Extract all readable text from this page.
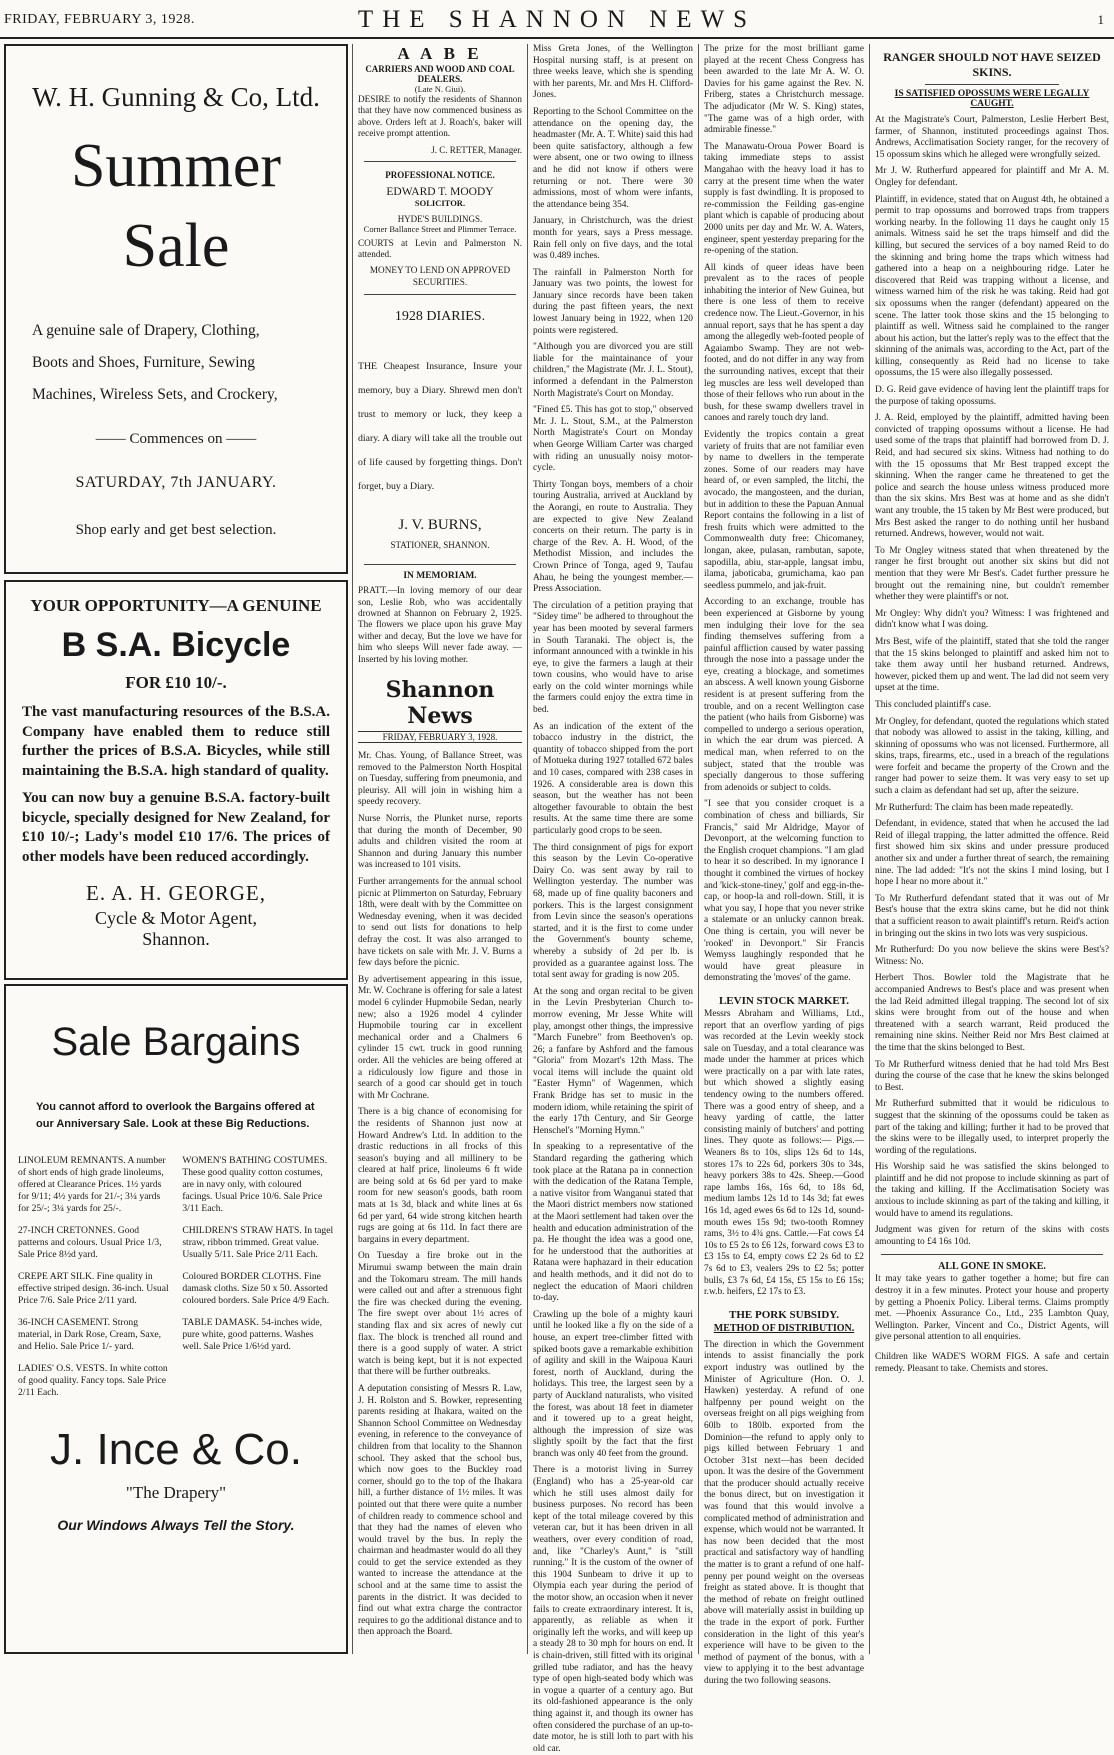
FRIDAY, FEBRUARY 3, 1928.	THE SHANNON NEWS	1
W. H. Gunning & Co, Ltd.
Summer
Sale
A genuine sale of Drapery, Clothing,
Boots and Shoes, Furniture, Sewing
Machines, Wireless Sets, and Crockery,
—— Commences on ——
SATURDAY, 7th JANUARY.
Shop early and get best selection.
YOUR OPPORTUNITY—A GENUINE
B S.A. Bicycle
FOR £10 10/-.
The vast manufacturing resources of the B.S.A. Company have enabled them to reduce still further the prices of B.S.A. Bicycles, while still maintaining the B.S.A. high standard of quality.
You can now buy a genuine B.S.A. factory-built bicycle, specially designed for New Zealand, for £10 10/-; Lady's model £10 17/6. The prices of other models have been reduced accordingly.
E. A. H. GEORGE,
Cycle & Motor Agent,
Shannon.
Sale Bargains
You cannot afford to overlook the Bargains offered at our Anniversary Sale. Look at these Big Reductions.

LINOLEUM REMNANTS. A number of short ends of high grade linoleums, offered at Clearance Prices. 1½ yards for 9/11; 4½ yards for 21/-; 3¼ yards for 25/-; 3¼ yards for 25/-.

27-INCH CRETONNES. Good patterns and colours. Usual Price 1/3, Sale Price 8½d yard.

CREPE ART SILK. Fine quality in effective striped design. 36-inch. Usual Price 7/6. Sale Price 2/11 yard.

36-INCH CASEMENT. Strong material, in Dark Rose, Cream, Saxe, and Helio. Sale Price 1/- yard.

LADIES' O.S. VESTS. In white cotton of good quality. Fancy tops. Sale Price 2/11 Each.

WOMEN'S BATHING COSTUMES. These good quality cotton costumes, are in navy only, with coloured facings. Usual Price 10/6. Sale Price 3/11 Each.

CHILDREN'S STRAW HATS. In tagel straw, ribbon trimmed. Great value. Usually 5/11. Sale Price 2/11 Each.

Coloured BORDER CLOTHS. Fine damask cloths. Size 50 x 50. Assorted coloured borders. Sale Price 4/9 Each.

TABLE DAMASK. 54-inches wide, pure white, good patterns. Washes well. Sale Price 1/6½d yard.

J. Ince & Co.
"The Drapery"
Our Windows Always Tell the Story.
A A B E
CARRIERS AND WOOD AND COAL DEALERS.
(Late N. Giui).

DESIRE to notify the residents of Shannon that they have now commenced business as above. Orders left at J. Roach's, baker will receive prompt attention.

J. C. RETTER, Manager.
PROFESSIONAL NOTICE.
EDWARD T. MOODY
SOLICITOR.
HYDE'S BUILDINGS.
Corner Ballance Street and Plimmer Terrace.

COURTS at Levin and Palmerston N. attended.

MONEY TO LEND ON APPROVED SECURITIES.

1928 DIARIES.

THE Cheapest Insurance, Insure your memory, buy a Diary. Shrewd men don't trust to memory or luck, they keep a diary. A diary will take all the trouble out of life caused by forgetting things. Don't forget, buy a Diary.

J. V. BURNS,
STATIONER, SHANNON.
IN MEMORIAM.

PRATT.—In loving memory of our dear son, Leslie Rob, who was accidentally drowned at Shannon on February 2, 1925. The flowers we place upon his grave May wither and decay, But the love we have for him who sleeps Will never fade away. —Inserted by his loving mother.

Shannon News
FRIDAY, FEBRUARY 3, 1928.

Mr. Chas. Young, of Ballance Street, was removed to the Palmerston North Hospital on Tuesday, suffering from pneumonia, and pleurisy. All will join in wishing him a speedy recovery.

Nurse Norris, the Plunket nurse, reports that during the month of December, 90 adults and children visited the room at Shannon and during January this number was increased to 101 visits.

Further arrangements for the annual school picnic at Plimmerton on Saturday, February 18th, were dealt with by the Committee on Wednesday evening, when it was decided to send out lists for donations to help defray the cost. It was also arranged to have tickets on sale with Mr. J. V. Burns a few days before the picnic.

By advertisement appearing in this issue, Mr. W. Cochrane is offering for sale a latest model 6 cylinder Hupmobile Sedan, nearly new; also a 1926 model 4 cylinder Hupmobile touring car in excellent mechanical order and a Chalmers 6 cylinder 15 cwt. truck in good running order. All the vehicles are being offered at a ridiculously low figure and those in search of a good car should get in touch with Mr Cochrane.

There is a big chance of economising for the residents of Shannon just now at Howard Andrew's Ltd. In addition to the drastic reductions in all frocks of this season's buying and all millinery to be cleared at half price, linoleums 6 ft wide are being sold at 6s 6d per yard to make room for new season's goods, bath room mats at 1s 3d, black and white lines at 6s 6d per yard, 64 wide strong kitchen hearth rugs are going at 6s 11d. In fact there are bargains in every department.

On Tuesday a fire broke out in the Mirumui swamp between the main drain and the Tokomaru stream. The mill hands were called out and after a strenuous fight the fire was checked during the evening. The fire swept over about 1½ acres of standing flax and six acres of newly cut flax. The block is trenched all round and there is a good supply of water. A strict watch is being kept, but it is not expected that there will be further outbreaks.

A deputation consisting of Messrs R. Law, J. H. Rolston and S. Bowker, representing parents residing at Ihakara, waited on the Shannon School Committee on Wednesday evening, in reference to the conveyance of children from that locality to the Shannon school. They asked that the school bus, which now goes to the Buckley road corner, should go to the top of the Ihakara hill, a further distance of 1½ miles. It was pointed out that there were quite a number of children ready to commence school and that they had the names of eleven who would travel by the bus. In reply the chairman and headmaster would do all they could to get the service extended as they wanted to increase the attendance at the school and at the same time to assist the parents in the district. It was decided to find out what extra charge the contractor requires to go the additional distance and to then approach the Board.

Miss Greta Jones, of the Wellington Hospital nursing staff, is at present on three weeks leave, which she is spending with her parents, Mr. and Mrs H. Clifford-Jones.

Reporting to the School Committee on the attendance on the opening day, the headmaster (Mr. A. T. White) said this had been quite satisfactory, although a few were absent, one or two owing to illness and he did not know if others were returning or not. There were 30 admissions, most of whom were infants, the attendance being 354.

January, in Christchurch, was the driest month for years, says a Press message. Rain fell only on five days, and the total was 0.489 inches.

The rainfall in Palmerston North for January was two points, the lowest for January since records have been taken during the past fifteen years, the next lowest January being in 1922, when 120 points were registered.

"Although you are divorced you are still liable for the maintainance of your children," the Magistrate (Mr. J. L. Stout), informed a defendant in the Palmerston North Magistrate's Court on Monday.

"Fined £5. This has got to stop," observed Mr. J. L. Stout, S.M., at the Palmerston North Magistrate's Court on Monday when George William Carter was charged with riding an unusually noisy motor-cycle.

Thirty Tongan boys, members of a choir touring Australia, arrived at Auckland by the Aorangi, en route to Australia. They are expected to give New Zealand concerts on their return. The party is in charge of the Rev. A. H. Wood, of the Methodist Mission, and includes the Crown Prince of Tonga, aged 9, Taufau Ahau, he being the youngest member.—Press Association.

The circulation of a petition praying that "Sidey time" be adhered to throughout the year has been mooted by several farmers in South Taranaki. The object is, the informant announced with a twinkle in his eye, to give the farmers a laugh at their town cousins, who would have to arise early on the cold winter mornings while the farmers could enjoy the extra time in bed.

As an indication of the extent of the tobacco industry in the district, the quantity of tobacco shipped from the port of Motueka during 1927 totalled 672 bales and 10 cases, compared with 238 cases in 1926. A considerable area is down this season, but the weather has not been altogether favourable to obtain the best results. At the same time there are some particularly good crops to be seen.

The third consignment of pigs for export this season by the Levin Co-operative Dairy Co. was sent away by rail to Wellington yesterday. The number was 68, made up of fine quality baconers and porkers. This is the largest consignment from Levin since the season's operations started, and it is the first to come under the Government's bounty scheme, whereby a subsidy of 2d per lb. is provided as a guarantee against loss. The total sent away for grading is now 205.

At the song and organ recital to be given in the Levin Presbyterian Church to-morrow evening, Mr Jesse White will play, amongst other things, the impressive "March Funebre" from Beethoven's op. 26; a fanfare by Ashford and the famous "Gloria" from Mozart's 12th Mass. The vocal items will include the quaint old "Easter Hymn" of Wagenmen, which Frank Bridge has set to music in the modern idiom, while retaining the spirit of the early 17th Century, and Sir George Henschel's "Morning Hymn."

In speaking to a representative of the Standard regarding the gathering which took place at the Ratana pa in connection with the dedication of the Ratana Temple, a native visitor from Wanganui stated that the Maori district members now stationed at the Maori settlement had taken over the health and education administration of the pa. He thought the idea was a good one, for he understood that the authorities at Ratana were haphazard in their education and health methods, and it did not do to neglect the education of Maori children to-day.

Crawling up the bole of a mighty kauri until he looked like a fly on the side of a house, an expert tree-climber fitted with spiked boots gave a remarkable exhibition of agility and skill in the Waipoua Kauri forest, north of Auckland, during the holidays. This tree, the largest seen by a party of Auckland naturalists, who visited the forest, was about 18 feet in diameter and it towered up to a great height, although the impression of size was slightly spoilt by the fact that the first branch was only 40 feet from the ground.

There is a motorist living in Surrey (England) who has a 25-year-old car which he still uses almost daily for business purposes. No record has been kept of the total mileage covered by this veteran car, but it has been driven in all weathers, over every condition of road, and, like "Charley's Aunt," is "still running." It is the custom of the owner of this 1904 Sunbeam to drive it up to Olympia each year during the period of the motor show, an occasion when it never fails to create extraordinary interest. It is, apparently, as reliable as when it originally left the works, and will keep up a steady 28 to 30 mph for hours on end. It is chain-driven, still fitted with its original grilled tube radiator, and has the heavy type of open high-seated body which was in vogue a quarter of a century ago. But its old-fashioned appearance is the only thing against it, and though its owner has often considered the purchase of an up-to-date motor, he is still loth to part with his old car.

The prize for the most brilliant game played at the recent Chess Congress has been awarded to the late Mr A. W. O. Davies for his game against the Rev. N. Friberg, states a Christchurch message. The adjudicator (Mr W. S. King) states, "The game was of a high order, with admirable finesse."

The Manawatu-Oroua Power Board is taking immediate steps to assist Mangahao with the heavy load it has to carry at the present time when the water supply is fast dwindling. It is proposed to re-commission the Feilding gas-engine plant which is capable of producing about 2000 units per day and Mr. W. A. Waters, engineer, spent yesterday preparing for the re-opening of the station.

All kinds of queer ideas have been prevalent as to the races of people inhabiting the interior of New Guinea, but there is one less of them to receive credence now. The Lieut.-Governor, in his annual report, says that he has spent a day among the allegedly web-footed people of Agaiambo Swamp. They are not web-footed, and do not differ in any way from the surrounding natives, except that their leg muscles are less well developed than those of their fellows who run about in the bush, for these swamp dwellers travel in canoes and rarely touch dry land.

Evidently the tropics contain a great variety of fruits that are not familiar even by name to dwellers in the temperate zones. Some of our readers may have heard of, or even sampled, the litchi, the avocado, the mangosteen, and the durian, but in addition to these the Papuan Annual Report contains the following in a list of fresh fruits which were admitted to the Commonwealth duty free: Chicomaney, longan, akee, pulasan, rambutan, sapote, sapodilla, abiu, star-apple, langsat imbu, ilama, jaboticaba, grumichama, kao pan seedless pummelo, and jak-fruit.

According to an exchange, trouble has been experienced at Gisborne by young men indulging their love for the sea finding themselves suffering from a painful affliction caused by water passing through the nose into a passage under the eye, creating a blockage, and sometimes an abscess. A well known young Gisborne resident is at present suffering from the trouble, and on a recent Wellington case the patient (who hails from Gisborne) was compelled to undergo a serious operation, in which the ear drum was pierced. A medical man, when referred to on the subject, stated that the trouble was specially dangerous to those suffering from adenoids or subject to colds.

"I see that you consider croquet is a combination of chess and billiards, Sir Francis," said Mr Aldridge, Mayor of Devonport, at the welcoming function to the English croquet champions. "I am glad to hear it so described. In my ignorance I thought it combined the virtues of hockey and 'kick-stone-tiney,' golf and egg-in-the-cap, or hoop-la and roll-down. Still, it is what you say, I hope that you never strike a stalemate or an unlucky cannon break. One thing is certain, you will never be 'rooked' in Devonport." Sir Francis Wemyss laughingly responded that he would have great pleasure in demonstrating the 'moves' of the game.

LEVIN STOCK MARKET.

Messrs Abraham and Williams, Ltd., report that an overflow yarding of pigs was recorded at the Levin weekly stock sale on Tuesday, and a total clearance was made under the hammer at prices which were practically on a par with late rates, but which showed a slightly easing tendency owing to the numbers offered. There was a good entry of sheep, and a heavy yarding of cattle, the latter consisting mainly of butchers' and potting lines. They quote as follows:— Pigs.—Weaners 8s to 10s, slips 12s 6d to 14s, stores 17s to 22s 6d, porkers 30s to 34s, heavy porkers 38s to 42s. Sheep.—Good rape lambs 16s, 16s 6d, to 18s 6d, medium lambs 12s 1d to 14s 3d; fat ewes 16s 1d, aged ewes 6s 6d to 12s 1d, sound-mouth ewes 15s 9d; two-tooth Romney rams, 3½ to 4¾ gns. Cattle.—Fat cows £4 10s to £5 2s to £6 12s, forward cows £3 to £3 15s to £4, empty cows £2 2s 6d to £2 7s 6d to £3, vealers 29s to £2 5s; potter bulls, £3 7s 6d, £4 15s, £5 15s to £6 15s; r.w.b. heifers, £2 17s to £3.

THE PORK SUBSIDY.
METHOD OF DISTRIBUTION.

The direction in which the Government intends to assist financially the pork export industry was outlined by the Minister of Agriculture (Hon. O. J. Hawken) yesterday. A refund of one halfpenny per pound weight on the overseas freight on all pigs weighing from 60lb to 180lb. exported from the Dominion—the refund to apply only to pigs killed between February 1 and October 31st next—has been decided upon. It was the desire of the Government that the producer should actually receive the bonus direct, but on investigation it was found that this would involve a complicated method of administration and expense, which would not be warranted. It has now been decided that the most practical and satisfactory way of handling the matter is to grant a refund of one half-penny per pound weight on the overseas freight as stated above. It is thought that the method of rebate on freight outlined above will materially assist in building up the trade in the export of pork. Further consideration in the light of this year's experience will have to be given to the method of payment of the bonus, with a view to applying it to the best advantage during the two following seasons.

RANGER SHOULD NOT HAVE SEIZED SKINS.
IS SATISFIED OPOSSUMS WERE LEGALLY CAUGHT.

At the Magistrate's Court, Palmerston, Leslie Herbert Best, farmer, of Shannon, instituted proceedings against Thos. Andrews, Acclimatisation Society ranger, for the recovery of 15 opossum skins which he alleged were wrongfully seized.

Mr J. W. Rutherfurd appeared for plaintiff and Mr A. M. Ongley for defendant.

Plaintiff, in evidence, stated that on August 4th, he obtained a permit to trap opossums and borrowed traps from trappers working nearby. In the following 11 days he caught only 15 animals. Witness said he set the traps himself and did the killing, but secured the services of a boy named Reid to do the skinning and bring home the traps which witness had gathered into a heap on a neighbouring ridge. Later he discovered that Reid was trapping without a license, and witness warned him of the risk he was taking. Reid had got six opossums when the ranger (defendant) appeared on the scene. The latter took those skins and the 15 belonging to plaintiff as well. Witness said he complained to the ranger about his action, but the latter's reply was to the effect that the skinning of the animals was, according to the Act, part of the killing, consequently as Reid had no license to take opossums, the 15 were also illegally possessed.

D. G. Reid gave evidence of having lent the plaintiff traps for the purpose of taking opossums.

J. A. Reid, employed by the plaintiff, admitted having been convicted of trapping opossums without a license. He had used some of the traps that plaintiff had borrowed from D. J. Reid, and had secured six skins. Witness had nothing to do with the 15 opossums that Mr Best trapped except the skinning. When the ranger came he threatened to get the police and search the house unless witness produced more than the six skins. Mrs Best was at home and as she didn't want any trouble, the 15 taken by Mr Best were produced, but Mrs Best asked the ranger to do nothing until her husband returned. Andrews, however, would not wait.

To Mr Ongley witness stated that when threatened by the ranger he first brought out another six skins but did not mention that they were Mr Best's. Cadet further pressure he brought out the remaining nine, but couldn't remember whether they were plaintiff's or not.

Mr Ongley: Why didn't you? Witness: I was frightened and didn't know what I was doing.

Mrs Best, wife of the plaintiff, stated that she told the ranger that the 15 skins belonged to plaintiff and asked him not to take them away until her husband returned. Andrews, however, picked them up and went. The lad did not seem very upset at the time.

This concluded plaintiff's case.

Mr Ongley, for defendant, quoted the regulations which stated that nobody was allowed to assist in the taking, killing, and skinning of opossums who was not licensed. Furthermore, all skins, traps, firearms, etc., used in a breach of the regulations were forfeit and became the property of the Crown and the ranger had power to seize them. It was very easy to set up such a claim as defendant had set up, after the seizure.

Mr Rutherfurd: The claim has been made repeatedly.

Defendant, in evidence, stated that when he accused the lad Reid of illegal trapping, the latter admitted the offence. Reid first showed him six skins and under pressure produced another six and under a further threat of search, the remaining nine. The lad added: "It's not the skins I mind losing, but I hope I hear no more about it."

To Mr Rutherfurd defendant stated that it was out of Mr Best's house that the extra skins came, but he did not think that a sufficient reason to await plaintiff's return. Reid's action in bringing out the skins in two lots was very suspicious.

Mr Rutherfurd: Do you now believe the skins were Best's? Witness: No.

Herbert Thos. Bowler told the Magistrate that he accompanied Andrews to Best's place and was present when the lad Reid admitted illegal trapping. The second lot of six skins were brought from out of the house and when threatened with a search warrant, Reid produced the remaining nine skins. Neither Reid nor Mrs Best claimed at the time that the skins belonged to Best.

To Mr Rutherfurd witness denied that he had told Mrs Best during the course of the case that he knew the skins belonged to Best.

Mr Rutherfurd submitted that it would be ridiculous to suggest that the skinning of the opossums could be taken as part of the taking and killing; further it had to be proved that the skins were to be illegally used, to interpret properly the wording of the regulations.

His Worship said he was satisfied the skins belonged to plaintiff and he did not propose to include skinning as part of the taking and killing. If the Acclimatisation Society was anxious to include skinning as part of the taking and killing, it would have to amend its regulations.

Judgment was given for return of the skins with costs amounting to £4 16s 10d.

ALL GONE IN SMOKE.

It may take years to gather together a home; but fire can destroy it in a few minutes. Protect your house and property by getting a Phoenix Policy. Liberal terms. Claims promptly met. —Phoenix Assurance Co., Ltd., 235 Lambton Quay, Wellington. Parker, Vincent and Co., District Agents, will give personal attention to all enquiries.

Children like WADE'S WORM FIGS. A safe and certain remedy. Pleasant to take. Chemists and stores.
